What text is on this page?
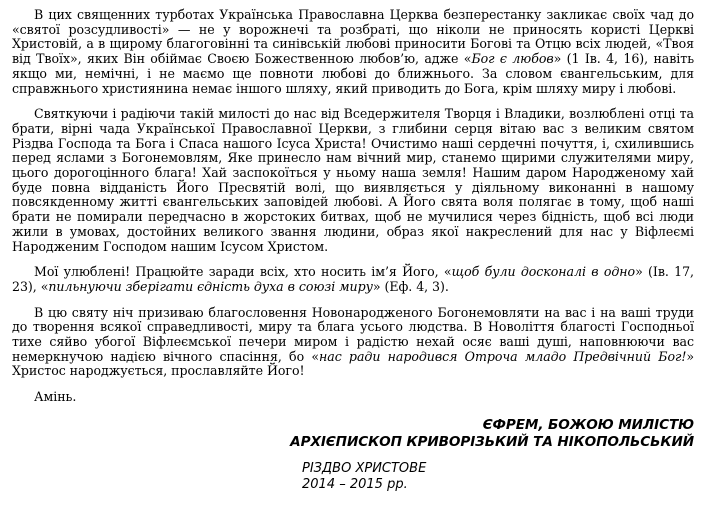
В цих священних турботах Українська Православна Церква безперестанку закликає своїх чад до «святої розсудливості» — не у ворожнечі та розбраті, що ніколи не приносять користі Церкві Христовій, а в щирому благоговінні та синівській любові приносити Богові та Отцю всіх людей, «Твоя від Твоїх», яких Він обіймає Своєю Божественною любов’ю, адже «Бог є любов» (1 Ів. 4, 16), навіть якщо ми, немічні, і не маємо ще повноти любові до ближнього. За словом євангельським, для справжнього християнина немає іншого шляху, який приводить до Бога, крім шляху миру і любові.

Святкуючи і радіючи такій милості до нас від Вседержителя Творця і Владики, возлюблені отці та брати, вірні чада Української Православної Церкви, з глибини серця вітаю вас з великим святом Різдва Господа та Бога і Спаса нашого Ісуса Христа! Очистимо наші сердечні почуття, і, схилившись перед яслами з Богонемовлям, Яке принесло нам вічний мир, станемо щирими служителями миру, цього дорогоцінного блага! Хай заспокоїться у ньому наша земля! Нашим даром Народженому хай буде повна відданість Його Пресвятій волі, що виявляється у діяльному виконанні в нашому повсякденному житті євангельських заповідей любові. А Його свята воля полягає в тому, щоб наші брати не помирали передчасно в жорстоких битвах, щоб не мучилися через бідність, щоб всі люди жили в умовах, достойних великого звання людини, образ якої накреслений для нас у Віфлеємі Народженим Господом нашим Ісусом Христом.

Мої улюблені! Працюйте заради всіх, хто носить ім’я Його, «щоб були досконалі в одно» (Ів. 17, 23), «пильнуючи зберігати єдність духа в союзі миру» (Еф. 4, 3).

В цю святу ніч призиваю благословення Новонародженого Богонемовляти на вас і на ваші труди до творення всякої справедливості, миру та блага усього людства. В Новоліття благості Господньої тихе сяйво убогої Віфлеємської печери миром і радістю нехай осяє ваші душі, наповнюючи вас немеркнучою надією вічного спасіння, бо «нас ради народився Отроча младо Предвічний Бог!» Христос народжується, прославляйте Його!

Амінь.

ЄФРЕМ, БОЖОЮ МИЛІСТЮ
АРХІЄПИСКОП КРИВОРІЗЬКИЙ ТА НІКОПОЛЬСЬКИЙ
РІЗДВО ХРИСТОВЕ
2014 – 2015 рр.
